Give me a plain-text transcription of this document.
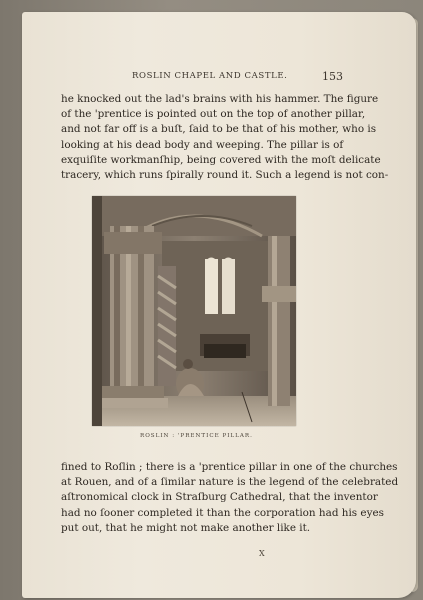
ROSLIN CHAPEL AND CASTLE.	153
he knocked out the lad's brains with his hammer. The figure
of the 'prentice is pointed out on the top of another pillar,
and not far off is a buſt, ſaid to be that of his mother, who is
looking at his dead body and weeping. The pillar is of
exquiſite workmanſhip, being covered with the moſt delicate
tracery, which runs ſpirally round it. Such a legend is not con-
ROSLIN : 'PRENTICE PILLAR.
fined to Roſlin ; there is a 'prentice pillar in one of the churches
at Rouen, and of a ſimilar nature is the legend of the celebrated
aſtronomical clock in Straſburg Cathedral, that the inventor
had no ſooner completed it than the corporation had his eyes
put out, that he might not make another like it.
X
